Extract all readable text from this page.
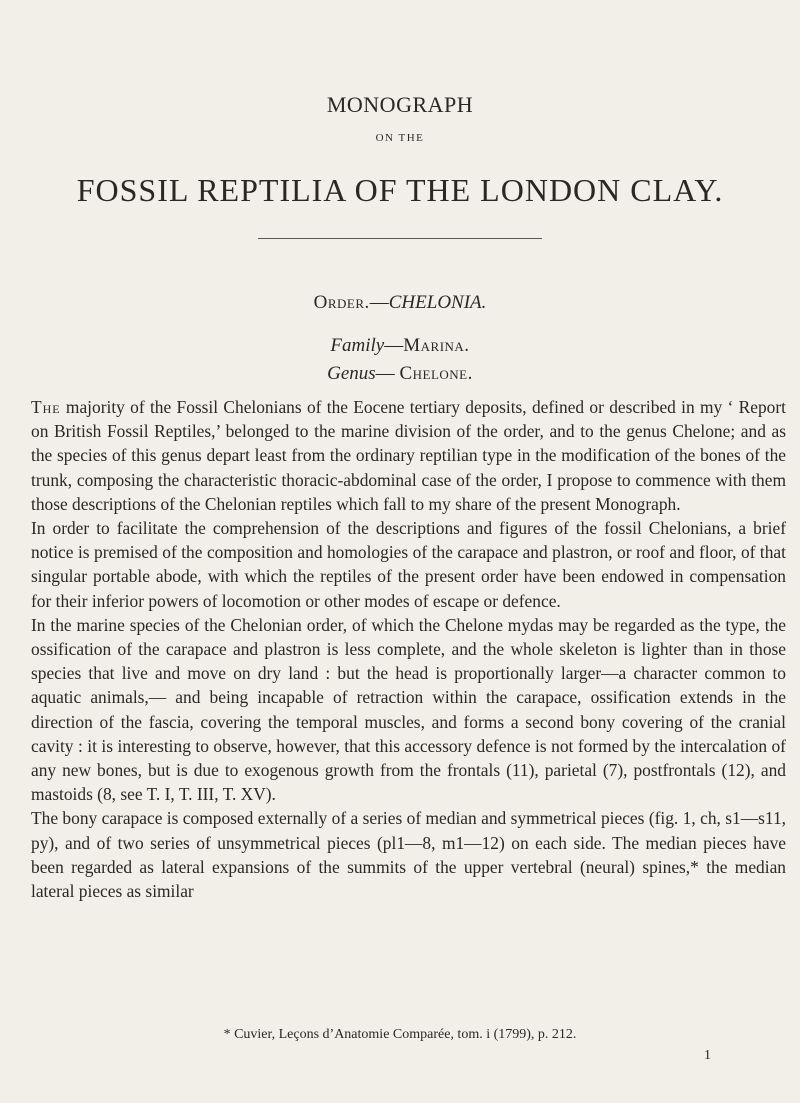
MONOGRAPH
ON THE
FOSSIL REPTILIA OF THE LONDON CLAY.
Order.—CHELONIA.
Family—Marina.
Genus— Chelone.

The majority of the Fossil Chelonians of the Eocene tertiary deposits, defined or described in my ‘ Report on British Fossil Reptiles,’ belonged to the marine division of the order, and to the genus Chelone; and as the species of this genus depart least from the ordinary reptilian type in the modification of the bones of the trunk, composing the characteristic thoracic-abdominal case of the order, I propose to commence with them those descriptions of the Chelonian reptiles which fall to my share of the present Monograph.

In order to facilitate the comprehension of the descriptions and figures of the fossil Chelonians, a brief notice is premised of the composition and homologies of the carapace and plastron, or roof and floor, of that singular portable abode, with which the reptiles of the present order have been endowed in compensation for their inferior powers of locomotion or other modes of escape or defence.

In the marine species of the Chelonian order, of which the Chelone mydas may be regarded as the type, the ossification of the carapace and plastron is less complete, and the whole skeleton is lighter than in those species that live and move on dry land : but the head is proportionally larger—a character common to aquatic animals,— and being incapable of retraction within the carapace, ossification extends in the direction of the fascia, covering the temporal muscles, and forms a second bony covering of the cranial cavity : it is interesting to observe, however, that this accessory defence is not formed by the intercalation of any new bones, but is due to exogenous growth from the frontals (11), parietal (7), postfrontals (12), and mastoids (8, see T. I, T. III, T. XV).

The bony carapace is composed externally of a series of median and symmetrical pieces (fig. 1, ch, s1—s11, py), and of two series of unsymmetrical pieces (pl1—8, m1—12) on each side. The median pieces have been regarded as lateral expansions of the summits of the upper vertebral (neural) spines,* the median lateral pieces as similar

* Cuvier, Leçons d’Anatomie Comparée, tom. i (1799), p. 212.
1
